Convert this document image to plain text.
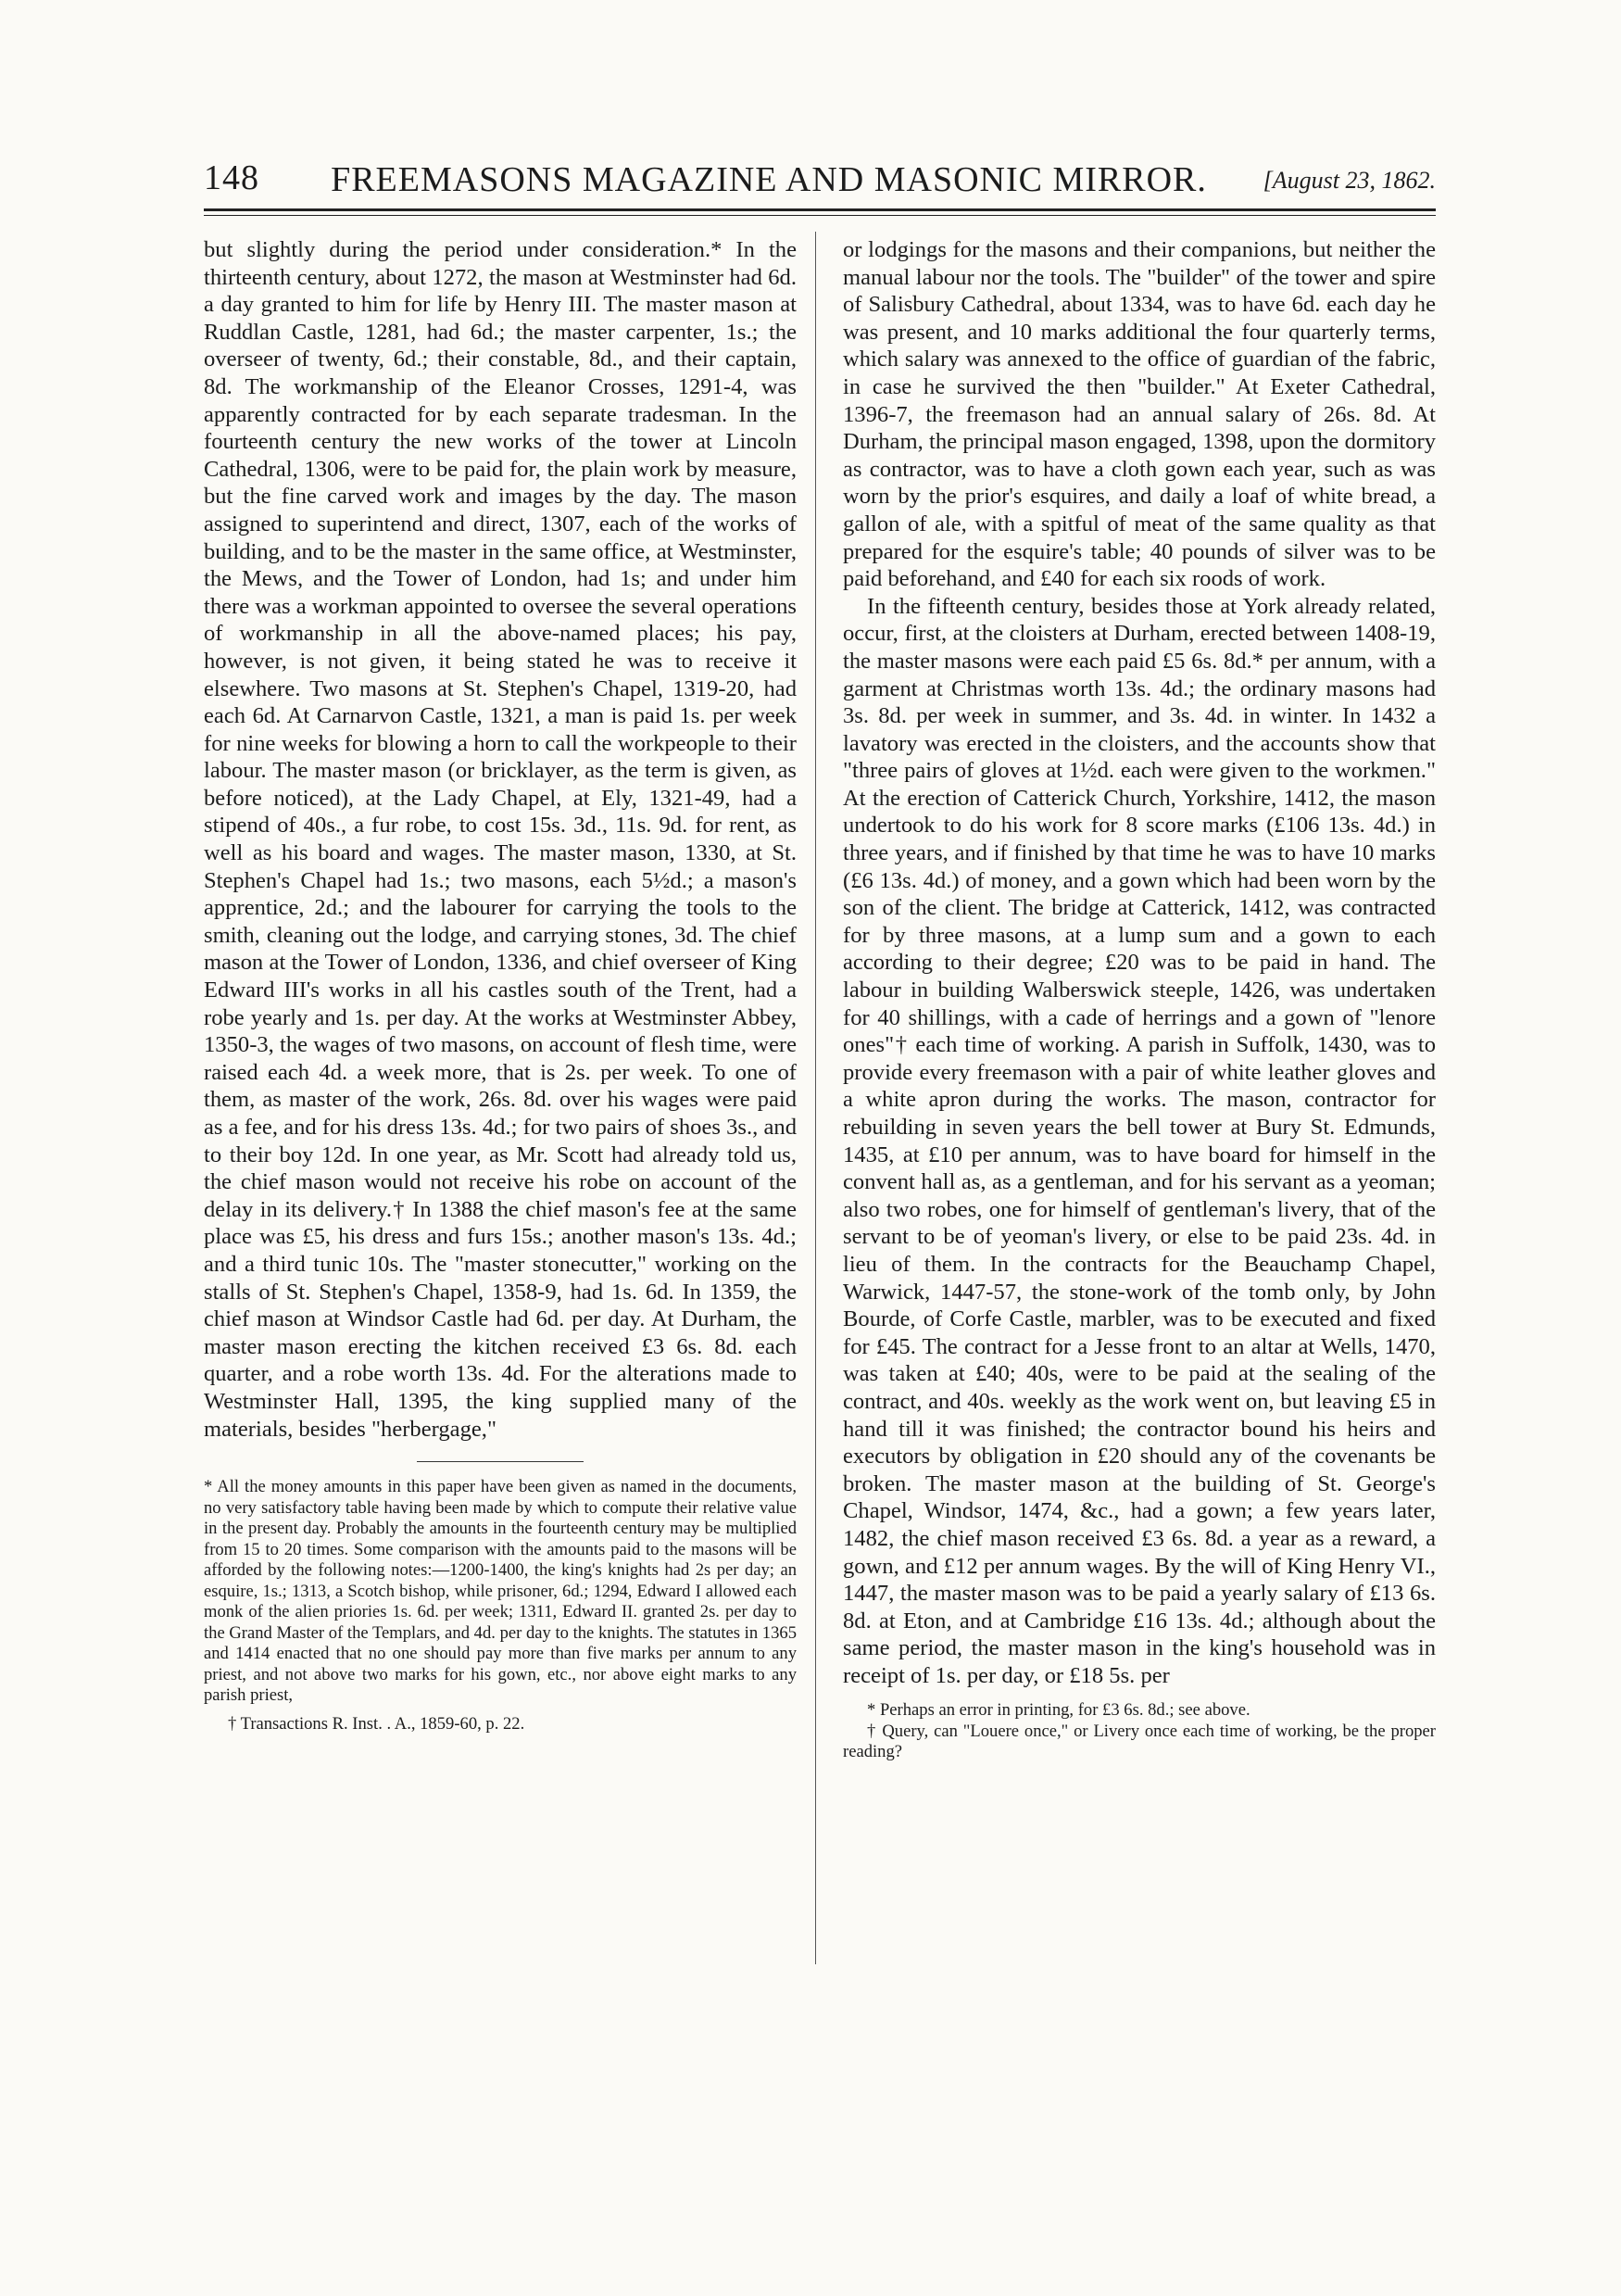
148	FREEMASONS MAGAZINE AND MASONIC MIRROR.	[August 23, 1862.

but slightly during the period under consideration.* In the thirteenth century, about 1272, the mason at Westminster had 6d. a day granted to him for life by Henry III. The master mason at Ruddlan Castle, 1281, had 6d.; the master carpenter, 1s.; the overseer of twenty, 6d.; their constable, 8d., and their captain, 8d. The workmanship of the Eleanor Crosses, 1291-4, was apparently contracted for by each separate tradesman. In the fourteenth century the new works of the tower at Lincoln Cathedral, 1306, were to be paid for, the plain work by measure, but the fine carved work and images by the day. The mason assigned to superintend and direct, 1307, each of the works of building, and to be the master in the same office, at Westminster, the Mews, and the Tower of London, had 1s; and under him there was a workman appointed to oversee the several operations of workmanship in all the above-named places; his pay, however, is not given, it being stated he was to receive it elsewhere. Two masons at St. Stephen's Chapel, 1319-20, had each 6d. At Carnarvon Castle, 1321, a man is paid 1s. per week for nine weeks for blowing a horn to call the workpeople to their labour. The master mason (or bricklayer, as the term is given, as before noticed), at the Lady Chapel, at Ely, 1321-49, had a stipend of 40s., a fur robe, to cost 15s. 3d., 11s. 9d. for rent, as well as his board and wages. The master mason, 1330, at St. Stephen's Chapel had 1s.; two masons, each 5½d.; a mason's apprentice, 2d.; and the labourer for carrying the tools to the smith, cleaning out the lodge, and carrying stones, 3d. The chief mason at the Tower of London, 1336, and chief overseer of King Edward III's works in all his castles south of the Trent, had a robe yearly and 1s. per day. At the works at Westminster Abbey, 1350-3, the wages of two masons, on account of flesh time, were raised each 4d. a week more, that is 2s. per week. To one of them, as master of the work, 26s. 8d. over his wages were paid as a fee, and for his dress 13s. 4d.; for two pairs of shoes 3s., and to their boy 12d. In one year, as Mr. Scott had already told us, the chief mason would not receive his robe on account of the delay in its delivery.† In 1388 the chief mason's fee at the same place was £5, his dress and furs 15s.; another mason's 13s. 4d.; and a third tunic 10s. The "master stonecutter," working on the stalls of St. Stephen's Chapel, 1358-9, had 1s. 6d. In 1359, the chief mason at Windsor Castle had 6d. per day. At Durham, the master mason erecting the kitchen received £3 6s. 8d. each quarter, and a robe worth 13s. 4d. For the alterations made to Westminster Hall, 1395, the king supplied many of the materials, besides "herbergage,"

* All the money amounts in this paper have been given as named in the documents, no very satisfactory table having been made by which to compute their relative value in the present day. Probably the amounts in the fourteenth century may be multiplied from 15 to 20 times. Some comparison with the amounts paid to the masons will be afforded by the following notes:—1200-1400, the king's knights had 2s per day; an esquire, 1s.; 1313, a Scotch bishop, while prisoner, 6d.; 1294, Edward I allowed each monk of the alien priories 1s. 6d. per week; 1311, Edward II. granted 2s. per day to the Grand Master of the Templars, and 4d. per day to the knights. The statutes in 1365 and 1414 enacted that no one should pay more than five marks per annum to any priest, and not above two marks for his gown, etc., nor above eight marks to any parish priest,

† Transactions R. Inst. . A., 1859-60, p. 22.

or lodgings for the masons and their companions, but neither the manual labour nor the tools. The "builder" of the tower and spire of Salisbury Cathedral, about 1334, was to have 6d. each day he was present, and 10 marks additional the four quarterly terms, which salary was annexed to the office of guardian of the fabric, in case he survived the then "builder." At Exeter Cathedral, 1396-7, the freemason had an annual salary of 26s. 8d. At Durham, the principal mason engaged, 1398, upon the dormitory as contractor, was to have a cloth gown each year, such as was worn by the prior's esquires, and daily a loaf of white bread, a gallon of ale, with a spitful of meat of the same quality as that prepared for the esquire's table; 40 pounds of silver was to be paid beforehand, and £40 for each six roods of work.

In the fifteenth century, besides those at York already related, occur, first, at the cloisters at Durham, erected between 1408-19, the master masons were each paid £5 6s. 8d.* per annum, with a garment at Christmas worth 13s. 4d.; the ordinary masons had 3s. 8d. per week in summer, and 3s. 4d. in winter. In 1432 a lavatory was erected in the cloisters, and the accounts show that "three pairs of gloves at 1½d. each were given to the workmen." At the erection of Catterick Church, Yorkshire, 1412, the mason undertook to do his work for 8 score marks (£106 13s. 4d.) in three years, and if finished by that time he was to have 10 marks (£6 13s. 4d.) of money, and a gown which had been worn by the son of the client. The bridge at Catterick, 1412, was contracted for by three masons, at a lump sum and a gown to each according to their degree; £20 was to be paid in hand. The labour in building Walberswick steeple, 1426, was undertaken for 40 shillings, with a cade of herrings and a gown of "lenore ones"† each time of working. A parish in Suffolk, 1430, was to provide every freemason with a pair of white leather gloves and a white apron during the works. The mason, contractor for rebuilding in seven years the bell tower at Bury St. Edmunds, 1435, at £10 per annum, was to have board for himself in the convent hall as, as a gentleman, and for his servant as a yeoman; also two robes, one for himself of gentleman's livery, that of the servant to be of yeoman's livery, or else to be paid 23s. 4d. in lieu of them. In the contracts for the Beauchamp Chapel, Warwick, 1447-57, the stone-work of the tomb only, by John Bourde, of Corfe Castle, marbler, was to be executed and fixed for £45. The contract for a Jesse front to an altar at Wells, 1470, was taken at £40; 40s, were to be paid at the sealing of the contract, and 40s. weekly as the work went on, but leaving £5 in hand till it was finished; the contractor bound his heirs and executors by obligation in £20 should any of the covenants be broken. The master mason at the building of St. George's Chapel, Windsor, 1474, &c., had a gown; a few years later, 1482, the chief mason received £3 6s. 8d. a year as a reward, a gown, and £12 per annum wages. By the will of King Henry VI., 1447, the master mason was to be paid a yearly salary of £13 6s. 8d. at Eton, and at Cambridge £16 13s. 4d.; although about the same period, the master mason in the king's household was in receipt of 1s. per day, or £18 5s. per

* Perhaps an error in printing, for £3 6s. 8d.; see above.

† Query, can "Louere once," or Livery once each time of working, be the proper reading?
